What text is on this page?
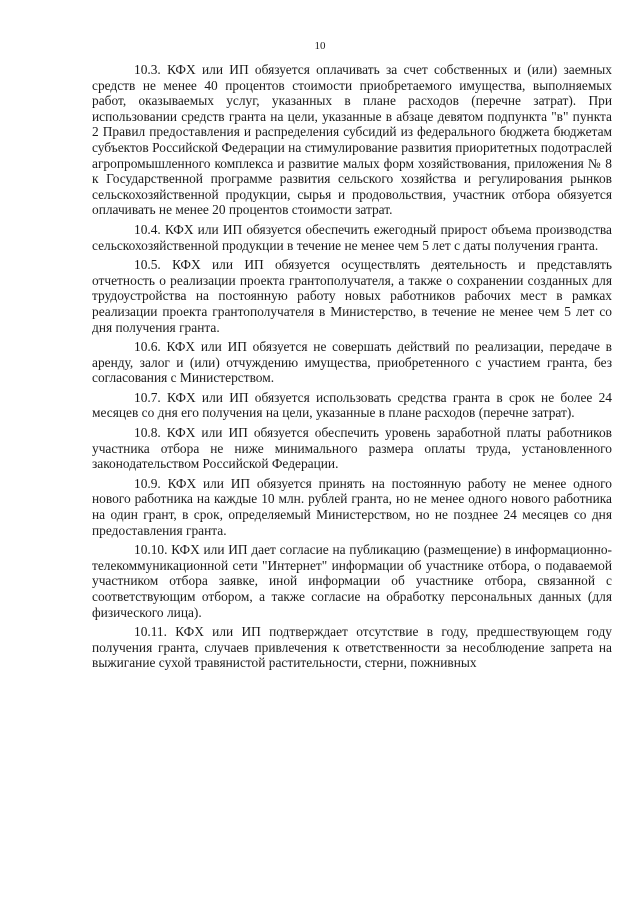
10

10.3. КФХ или ИП обязуется оплачивать за счет собственных и (или) заемных средств не менее 40 процентов стоимости приобретаемого имущества, выполняемых работ, оказываемых услуг, указанных в плане расходов (перечне затрат). При использовании средств гранта на цели, указанные в абзаце девятом подпункта "в" пункта 2 Правил предоставления и распределения субсидий из федерального бюджета бюджетам субъектов Российской Федерации на стимулирование развития приоритетных подотраслей агропромышленного комплекса и развитие малых форм хозяйствования, приложения № 8 к Государственной программе развития сельского хозяйства и регулирования рынков сельскохозяйственной продукции, сырья и продовольствия, участник отбора обязуется оплачивать не менее 20 процентов стоимости затрат.

10.4. КФХ или ИП обязуется обеспечить ежегодный прирост объема производства сельскохозяйственной продукции в течение не менее чем 5 лет с даты получения гранта.

10.5. КФХ или ИП обязуется осуществлять деятельность и представлять отчетность о реализации проекта грантополучателя, а также о сохранении созданных для трудоустройства на постоянную работу новых работников рабочих мест в рамках реализации проекта грантополучателя в Министерство, в течение не менее чем 5 лет со дня получения гранта.

10.6. КФХ или ИП обязуется не совершать действий по реализации, передаче в аренду, залог и (или) отчуждению имущества, приобретенного с участием гранта, без согласования с Министерством.

10.7. КФХ или ИП обязуется использовать средства гранта в срок не более 24 месяцев со дня его получения на цели, указанные в плане расходов (перечне затрат).

10.8. КФХ или ИП обязуется обеспечить уровень заработной платы работников участника отбора не ниже минимального размера оплаты труда, установленного законодательством Российской Федерации.

10.9. КФХ или ИП обязуется принять на постоянную работу не менее одного нового работника на каждые 10 млн. рублей гранта, но не менее одного нового работника на один грант, в срок, определяемый Министерством, но не позднее 24 месяцев со дня предоставления гранта.

10.10. КФХ или ИП дает согласие на публикацию (размещение) в информационно-телекоммуникационной сети "Интернет" информации об участнике отбора, о подаваемой участником отбора заявке, иной информации об участнике отбора, связанной с соответствующим отбором, а также согласие на обработку персональных данных (для физического лица).

10.11. КФХ или ИП подтверждает отсутствие в году, предшествующем году получения гранта, случаев привлечения к ответственности за несоблюдение запрета на выжигание сухой травянистой растительности, стерни, пожнивных
